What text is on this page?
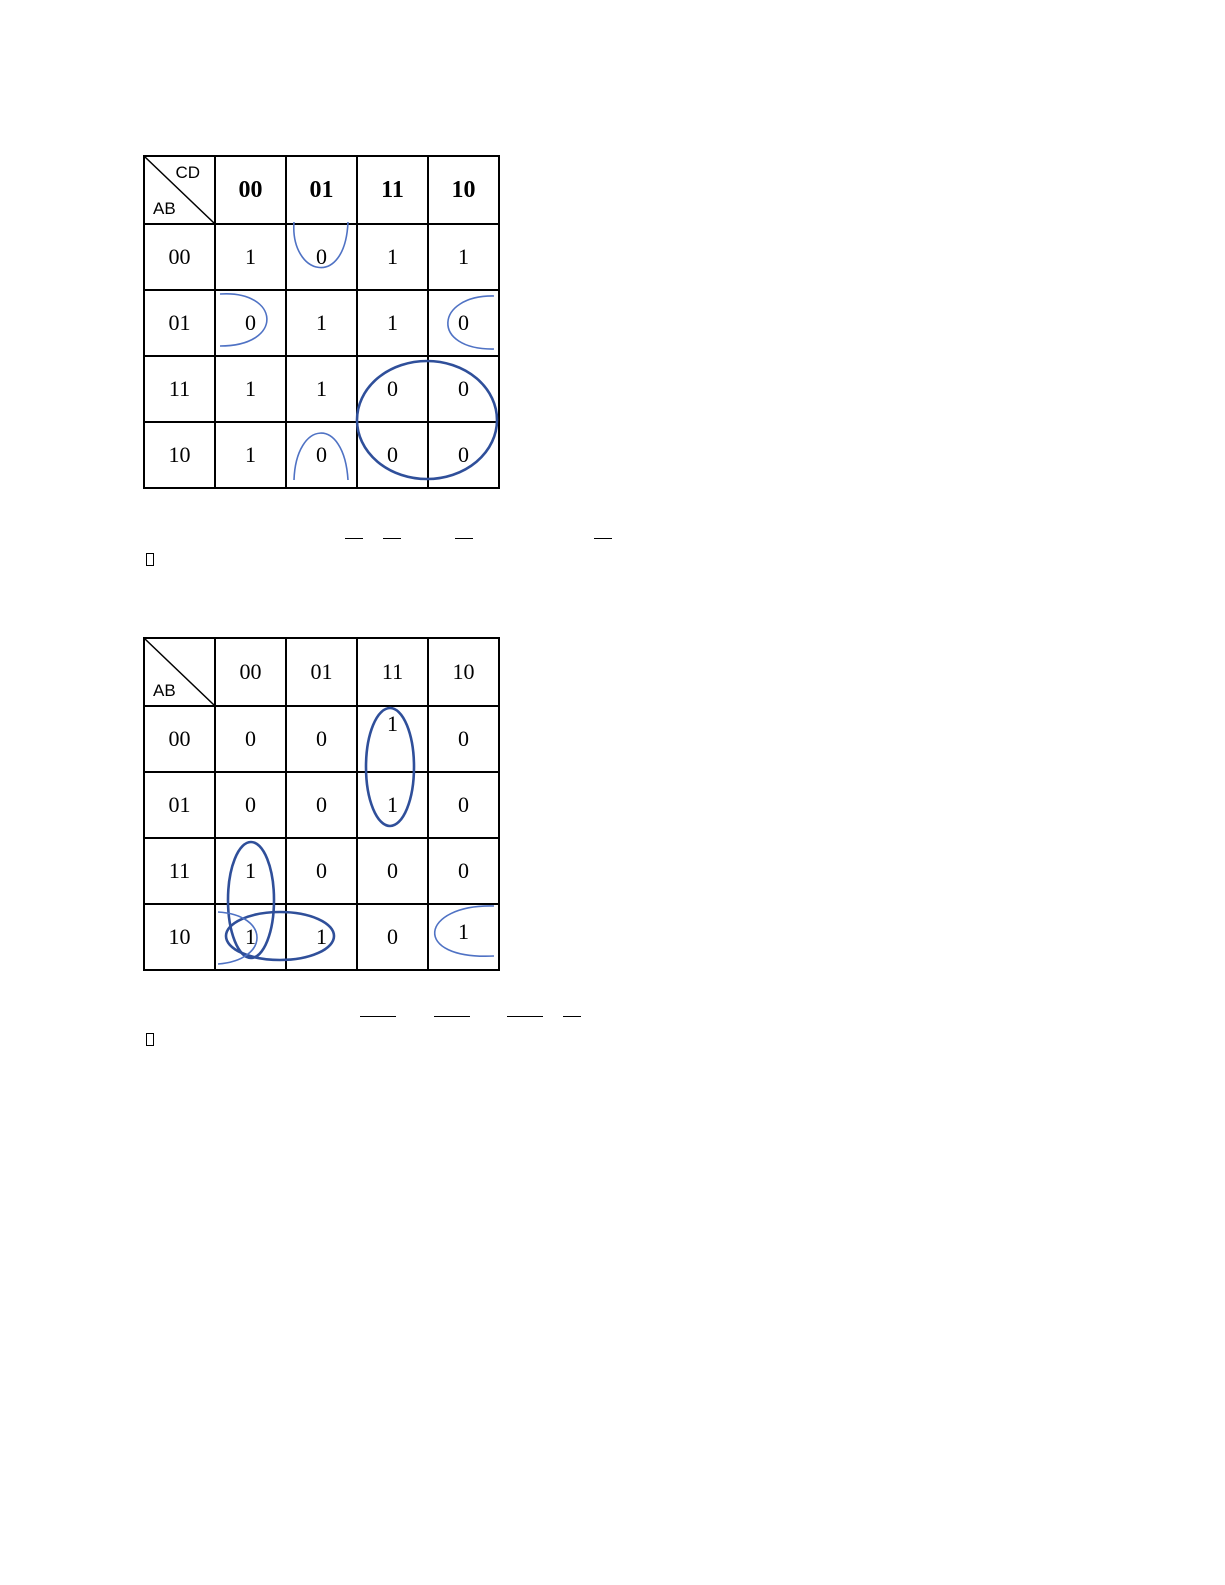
CD
AB	00	01	11	10
00	1	0	1	1
01	0	1	1	0
11	1	1	0	0
10	1	0	0	0
AB	00	01	11	10
00	0	0	1	0
01	0	0	1	0
11	1	0	0	0
10	1	1	0	1
